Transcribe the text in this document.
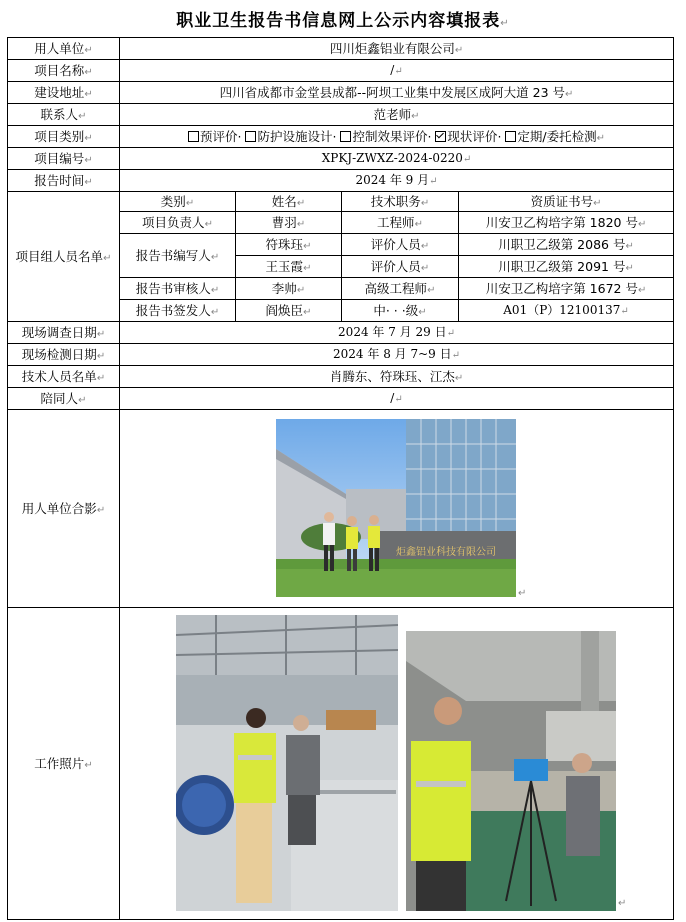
职业卫生报告书信息网上公示内容填报表↵
用人单位↵	四川炬鑫铝业有限公司↵			
项目名称↵	/↵			
建设地址↵	四川省成都市金堂县成都--阿坝工业集中发展区成阿大道 23 号↵			
联系人↵	范老师↵			
项目类别↵	预评价· 防护设施设计· 控制效果评价· 现状评价· 定期/委托检测↵			
项目编号↵	XPKJ-ZWXZ-2024-0220↵			
报告时间↵	2024 年 9 月↵			
项目组人员名单↵	类别↵	姓名↵	技术职务↵	资质证书号↵
	项目负责人↵	曹羽↵	工程师↵	川安卫乙构培字第 1820 号↵
	报告书编写人↵	符珠珏↵	评价人员↵	川职卫乙级第 2086 号↵
		王玉霞↵	评价人员↵	川职卫乙级第 2091 号↵
	报告书审核人↵	李帅↵	高级工程师↵	川安卫乙构培字第 1672 号↵
	报告书签发人↵	阎焕臣↵	中· · ·级↵	A01（P）12100137↵

现场调查日期↵	2024 年 7 月 29 日↵			
现场检测日期↵	2024 年 8 月 7~9 日↵			
技术人员名单↵	肖腾东、符珠珏、江杰↵			
陪同人↵	/↵			
用人单位合影↵	炬鑫铝业科技有限公司
↵			

工作照片↵	↵			
